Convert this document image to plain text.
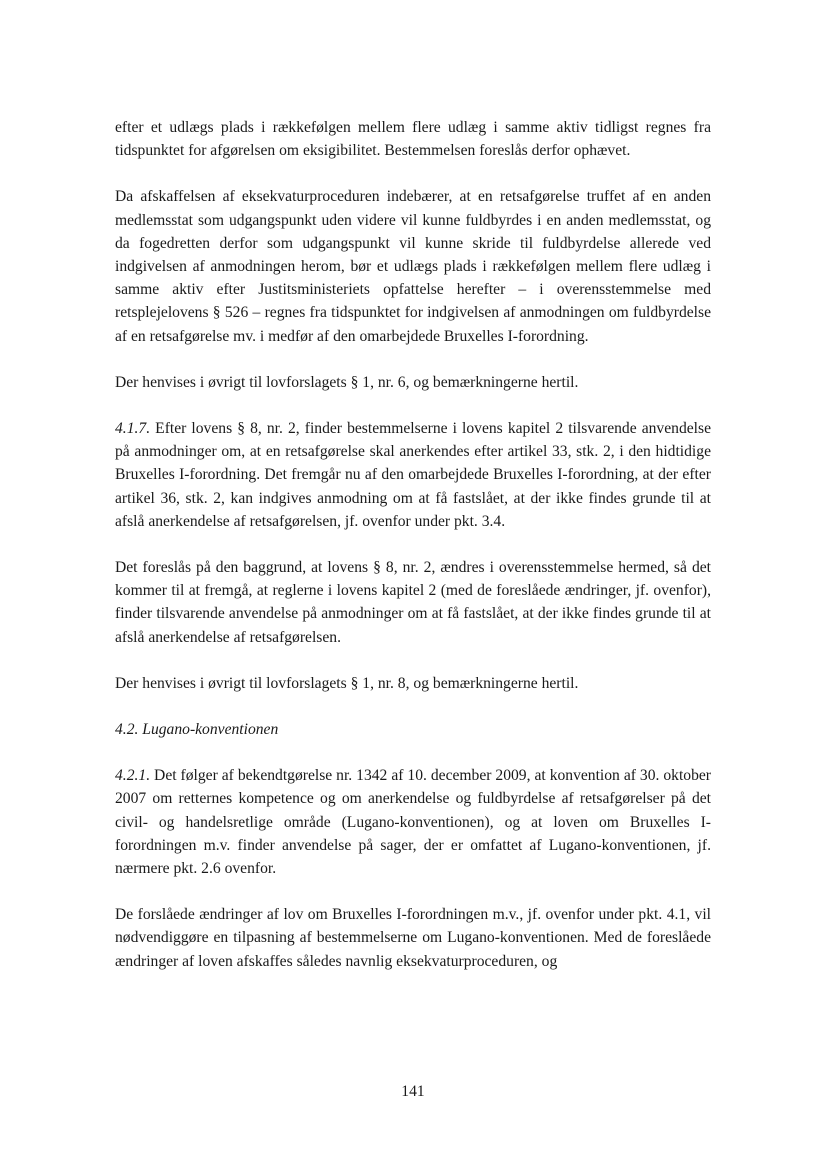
efter et udlægs plads i rækkefølgen mellem flere udlæg i samme aktiv tidligst regnes fra tidspunktet for afgørelsen om eksigibilitet. Bestemmelsen foreslås derfor ophævet.

Da afskaffelsen af eksekvaturproceduren indebærer, at en retsafgørelse truffet af en anden medlemsstat som udgangspunkt uden videre vil kunne fuldbyrdes i en anden medlemsstat, og da fogedretten derfor som udgangspunkt vil kunne skride til fuldbyrdelse allerede ved indgivelsen af anmodningen herom, bør et udlægs plads i rækkefølgen mellem flere udlæg i samme aktiv efter Justitsministeriets opfattelse herefter – i overensstemmelse med retsplejelovens § 526 – regnes fra tidspunktet for indgivelsen af anmodningen om fuldbyrdelse af en retsafgørelse mv. i medfør af den omarbejdede Bruxelles I-forordning.

Der henvises i øvrigt til lovforslagets § 1, nr. 6, og bemærkningerne hertil.

4.1.7. Efter lovens § 8, nr. 2, finder bestemmelserne i lovens kapitel 2 tilsvarende anvendelse på anmodninger om, at en retsafgørelse skal anerkendes efter artikel 33, stk. 2, i den hidtidige Bruxelles I-forordning. Det fremgår nu af den omarbejdede Bruxelles I-forordning, at der efter artikel 36, stk. 2, kan indgives anmodning om at få fastslået, at der ikke findes grunde til at afslå anerkendelse af retsafgørelsen, jf. ovenfor under pkt. 3.4.

Det foreslås på den baggrund, at lovens § 8, nr. 2, ændres i overensstemmelse hermed, så det kommer til at fremgå, at reglerne i lovens kapitel 2 (med de foreslåede ændringer, jf. ovenfor), finder tilsvarende anvendelse på anmodninger om at få fastslået, at der ikke findes grunde til at afslå anerkendelse af retsafgørelsen.

Der henvises i øvrigt til lovforslagets § 1, nr. 8, og bemærkningerne hertil.

4.2. Lugano-konventionen

4.2.1. Det følger af bekendtgørelse nr. 1342 af 10. december 2009, at konvention af 30. oktober 2007 om retternes kompetence og om anerkendelse og fuldbyrdelse af retsafgørelser på det civil- og handelsretlige område (Lugano-konventionen), og at loven om Bruxelles I-forordningen m.v. finder anvendelse på sager, der er omfattet af Lugano-konventionen, jf. nærmere pkt. 2.6 ovenfor.

De forslåede ændringer af lov om Bruxelles I-forordningen m.v., jf. ovenfor under pkt. 4.1, vil nødvendiggøre en tilpasning af bestemmelserne om Lugano-konventionen. Med de foreslåede ændringer af loven afskaffes således navnlig eksekvaturproceduren, og

141
